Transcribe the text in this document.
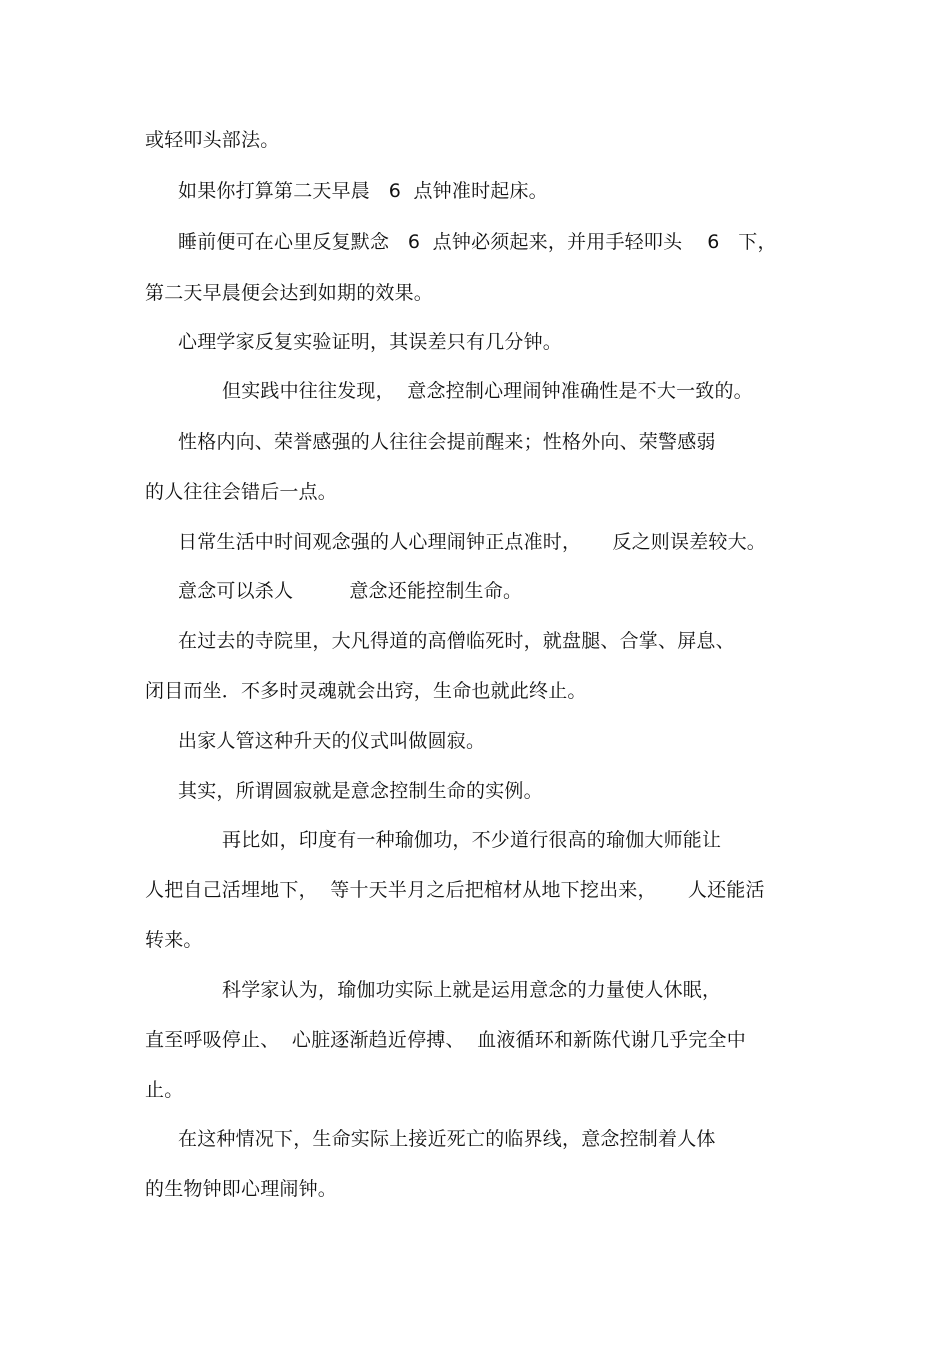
或轻叩头部法。
如果你打算第二天早晨   6  点钟准时起床。
睡前便可在心里反复默念   6  点钟必须起来，并用手轻叩头    6   下，
第二天早晨便会达到如期的效果。
心理学家反复实验证明，其误差只有几分钟。
但实践中往往发现，  意念控制心理闹钟准确性是不大一致的。
性格内向、荣誉感强的人往往会提前醒来；性格外向、荣警感弱
的人往往会错后一点。
日常生活中时间观念强的人心理闹钟正点准时，     反之则误差较大。
意念可以杀人         意念还能控制生命。
在过去的寺院里，大凡得道的高僧临死时，就盘腿、合掌、屏息、
闭目而坐．不多时灵魂就会出窍，生命也就此终止。
出家人管这种升天的仪式叫做圆寂。
其实，所谓圆寂就是意念控制生命的实例。
再比如，印度有一种瑜伽功，不少道行很高的瑜伽大师能让
人把自己活埋地下，  等十天半月之后把棺材从地下挖出来，     人还能活
转来。
科学家认为，瑜伽功实际上就是运用意念的力量使人休眠，
直至呼吸停止、  心脏逐渐趋近停搏、  血液循环和新陈代谢几乎完全中
止。
在这种情况下，生命实际上接近死亡的临界线，意念控制着人体
的生物钟即心理闹钟。
